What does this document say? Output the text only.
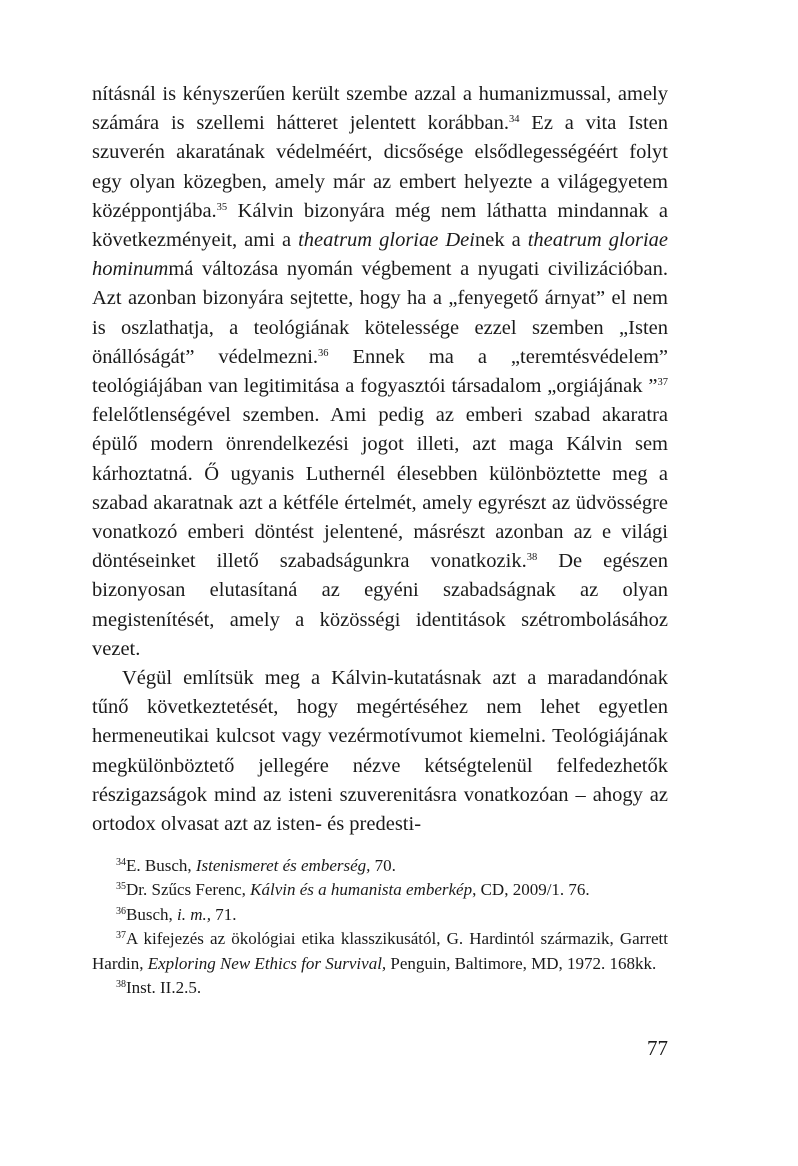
nításnál is kényszerűen került szembe azzal a humanizmussal, amely számára is szellemi hátteret jelentett korábban.$^{34}$ Ez a vita Isten szuverén akaratának védelméért, dicsősége elsődlegességéért folyt egy olyan közegben, amely már az embert helyezte a világegyetem középpontjába.$^{35}$ Kálvin bizonyára még nem láthatta mindannak a következményeit, ami a theatrum gloriae Deinek a theatrum gloriae hominummá változása nyomán végbement a nyugati civilizációban. Azt azonban bizonyára sejtette, hogy ha a „fenyegető árnyat” el nem is oszlathatja, a teológiának kötelessége ezzel szemben „Isten önállóságát” védelmezni.$^{36}$ Ennek ma a „teremtésvédelem” teológiájában van legitimitása a fogyasztói társadalom „orgiájának ”$^{37}$ felelőtlenségével szemben. Ami pedig az emberi szabad akaratra épülő modern önrendelkezési jogot illeti, azt maga Kálvin sem kárhoztatná. Ő ugyanis Luthernél élesebben különböztette meg a szabad akaratnak azt a kétféle értelmét, amely egyrészt az üdvösségre vonatkozó emberi döntést jelentené, másrészt azonban az e világi döntéseinket illető szabadságunkra vonatkozik.$^{38}$ De egészen bizonyosan elutasítaná az egyéni szabadságnak az olyan megistenítését, amely a közösségi identitások szétrombolásához vezet.

Végül említsük meg a Kálvin-kutatásnak azt a maradandónak tűnő következtetését, hogy megértéséhez nem lehet egyetlen hermeneutikai kulcsot vagy vezérmotívumot kiemelni. Teológiájának megkülönböztető jellegére nézve kétségtelenül felfedezhetők részigazságok mind az isteni szuverenitásra vonatkozóan – ahogy az ortodox olvasat azt az isten- és predesti-

$^{34}$E. Busch, Istenismeret és emberség, 70.

$^{35}$Dr. Szűcs Ferenc, Kálvin és a humanista emberkép, CD, 2009/1. 76.

$^{36}$Busch, i. m., 71.

$^{37}$A kifejezés az ökológiai etika klasszikusától, G. Hardintól származik, Garrett Hardin, Exploring New Ethics for Survival, Penguin, Baltimore, MD, 1972. 168kk.

$^{38}$Inst. II.2.5.

77
